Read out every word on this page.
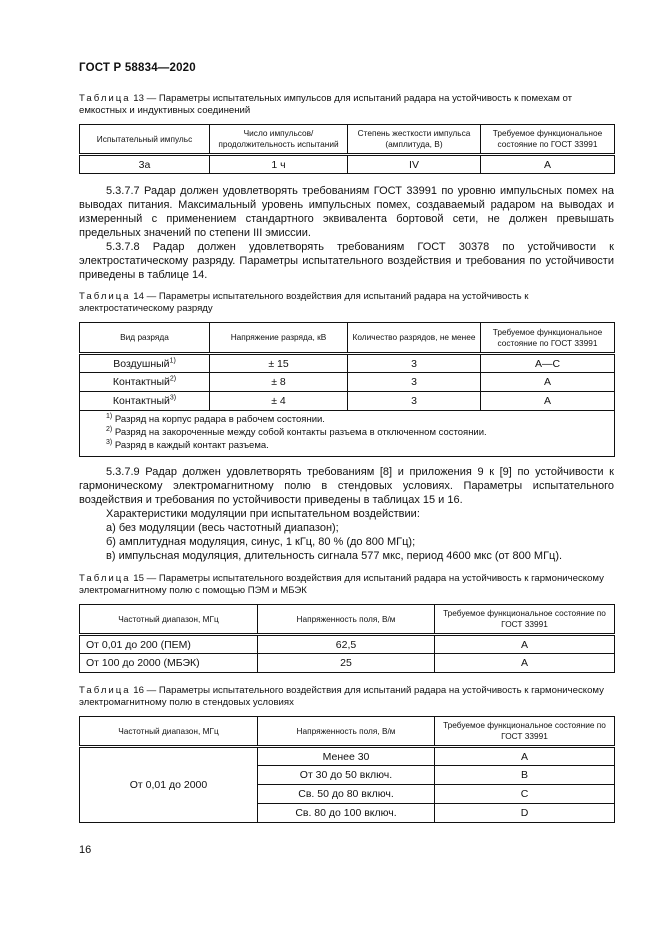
ГОСТ Р 58834—2020
Таблица 13 — Параметры испытательных импульсов для испытаний радара на устойчивость к помехам от емкостных и индуктивных соединений
Испытательный импульс	Число импульсов/ продолжительность испытаний	Степень жесткости импульса (амплитуда, В)	Требуемое функциональное состояние по ГОСТ 33991
3а	1 ч	IV	А
5.3.7.7 Радар должен удовлетворять требованиям ГОСТ 33991 по уровню импульсных помех на выводах питания. Максимальный уровень импульсных помех, создаваемый радаром на выводах и измеренный с применением стандартного эквивалента бортовой сети, не должен превышать предельных значений по степени III эмиссии.
5.3.7.8 Радар должен удовлетворять требованиям ГОСТ 30378 по устойчивости к электростатическому разряду. Параметры испытательного воздействия и требования по устойчивости приведены в таблице 14.
Таблица 14 — Параметры испытательного воздействия для испытаний радара на устойчивость к электростатическому разряду
Вид разряда	Напряжение разряда, кВ	Количество разрядов, не менее	Требуемое функциональное состояние по ГОСТ 33991
Воздушный$^{1)}$	± 15	3	А—С
Контактный$^{2)}$	± 8	3	А
Контактный$^{3)}$	± 4	3	А

$^{1)}$ Разряд на корпус радара в рабочем состоянии.
$^{2)}$ Разряд на закороченные между собой контакты разъема в отключенном состоянии.
$^{3)}$ Разряд в каждый контакт разъема.			
5.3.7.9 Радар должен удовлетворять требованиям [8] и приложения 9 к [9] по устойчивости к гармоническому электромагнитному полю в стендовых условиях. Параметры испытательного воздействия и требования по устойчивости приведены в таблицах 15 и 16.
Характеристики модуляции при испытательном воздействии:
а) без модуляции (весь частотный диапазон);
б) амплитудная модуляция, синус, 1 кГц, 80 % (до 800 МГц);
в) импульсная модуляция, длительность сигнала 577 мкс, период 4600 мкс (от 800 МГц).
Таблица 15 — Параметры испытательного воздействия для испытаний радара на устойчивость к гармоническому электромагнитному полю с помощью ПЭМ и МБЭК
Частотный диапазон, МГц	Напряженность поля, В/м	Требуемое функциональное состояние по ГОСТ 33991
От 0,01 до 200 (ПЕМ)	62,5	А
От 100 до 2000 (МБЭК)	25	А
Таблица 16 — Параметры испытательного воздействия для испытаний радара на устойчивость к гармоническому электромагнитному полю в стендовых условиях
Частотный диапазон, МГц	Напряженность поля, В/м	Требуемое функциональное состояние по ГОСТ 33991
От 0,01 до 2000	Менее 30	А
	От 30 до 50 включ.	В
	Св. 50 до 80 включ.	С
	Св. 80 до 100 включ.	D
16
